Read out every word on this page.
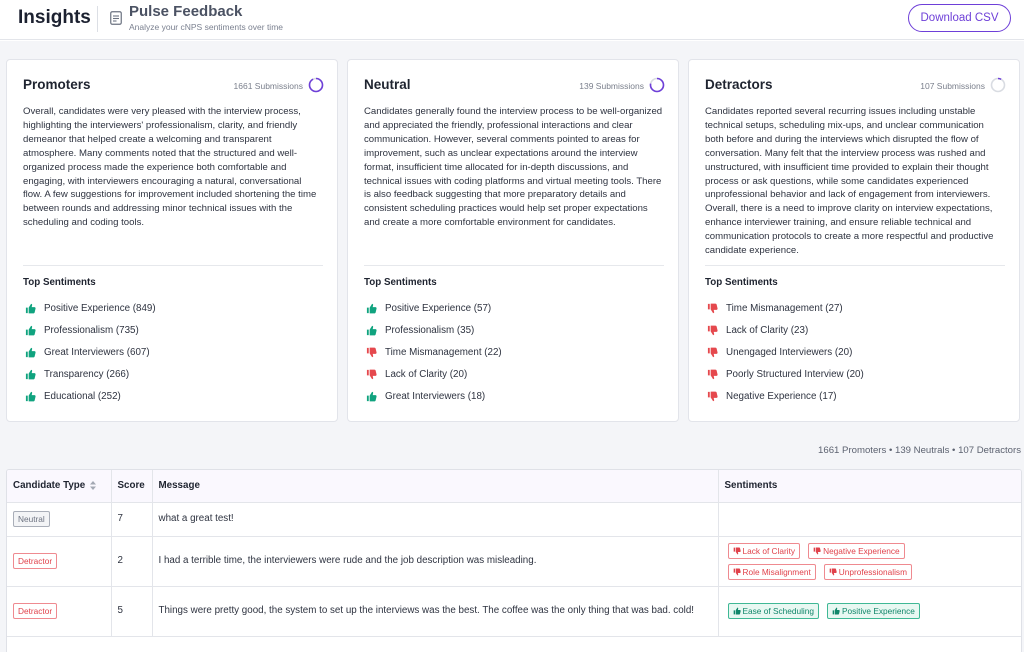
Insights	Pulse Feedback
Analyze your cNPS sentiments over time
Download CSV
Promoters	1661 Submissions
Overall, candidates were very pleased with the interview process, highlighting the interviewers' professionalism, clarity, and friendly demeanor that helped create a welcoming and transparent atmosphere. Many comments noted that the structured and well-organized process made the experience both comfortable and engaging, with interviewers encouraging a natural, conversational flow. A few suggestions for improvement included shortening the time between rounds and addressing minor technical issues with the scheduling and coding tools.
Top Sentiments
Positive Experience (849)
Professionalism (735)
Great Interviewers (607)
Transparency (266)
Educational (252)
Neutral	139 Submissions
Candidates generally found the interview process to be well-organized and appreciated the friendly, professional interactions and clear communication. However, several comments pointed to areas for improvement, such as unclear expectations around the interview format, insufficient time allocated for in-depth discussions, and technical issues with coding platforms and virtual meeting tools. There is also feedback suggesting that more preparatory details and consistent scheduling practices would help set proper expectations and create a more comfortable environment for candidates.
Top Sentiments
Positive Experience (57)
Professionalism (35)
Time Mismanagement (22)
Lack of Clarity (20)
Great Interviewers (18)
Detractors	107 Submissions
Candidates reported several recurring issues including unstable technical setups, scheduling mix-ups, and unclear communication both before and during the interviews which disrupted the flow of conversation. Many felt that the interview process was rushed and unstructured, with insufficient time provided to explain their thought process or ask questions, while some candidates experienced unprofessional behavior and lack of engagement from interviewers. Overall, there is a need to improve clarity on interview expectations, enhance interviewer training, and ensure reliable technical and communication protocols to create a more respectful and productive candidate experience.
Top Sentiments
Time Mismanagement (27)
Lack of Clarity (23)
Unengaged Interviewers (20)
Poorly Structured Interview (20)
Negative Experience (17)
1661 Promoters • 139 Neutrals • 107 Detractors
Candidate Type	Score	Message	Sentiments
Neutral	7	what a great test!	

Detractor	2	I had a terrible time, the interviewers were rude and the job description was misleading.	Lack of Clarity Negative Experience
Role Misalignment Unprofessionalism

Detractor	5	Things were pretty good, the system to set up the interviews was the best. The coffee was the only thing that was bad. cold!	Ease of Scheduling Positive Experience
